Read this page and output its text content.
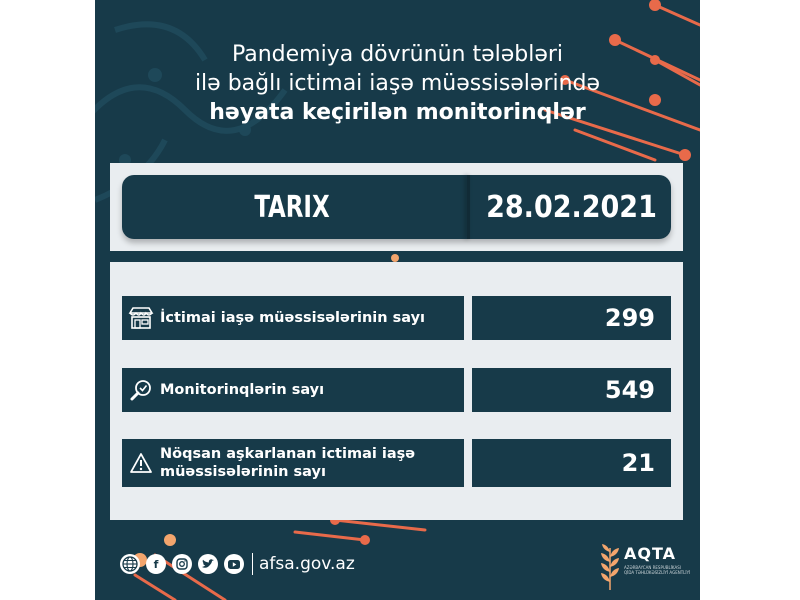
Pandemiya dövrünün tələbləri
ilə bağlı ictimai iaşə müəssisələrində
həyata keçirilən monitorinqlər
TARIX	28.02.2021
İctimai iaşə müəssisələrinin sayı	299
Monitorinqlərin sayı	549
Nöqsan aşkarlanan ictimai iaşə
müəssisələrinin sayı	21
f	afsa.gov.az
AQTA
AZƏRBAYCAN RESPUBLİKASI QİDA TƏHLÜKƏSİZLİYİ AGENTLİYİ
